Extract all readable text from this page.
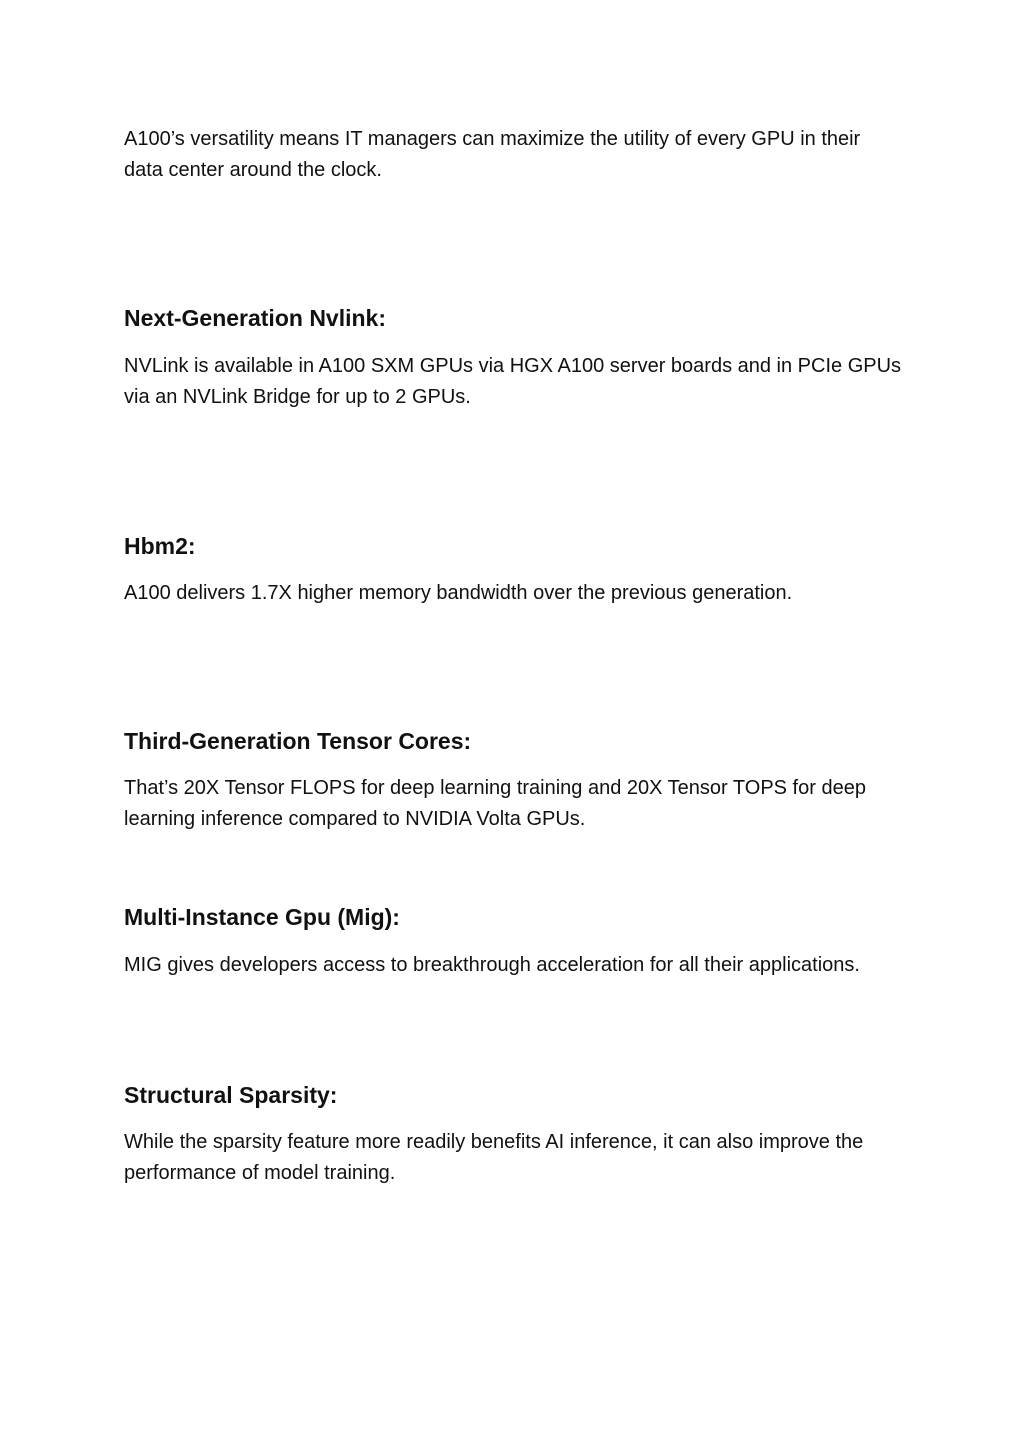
A100’s versatility means IT managers can maximize the utility of every GPU in their data center around the clock.

Next-Generation Nvlink:

NVLink is available in A100 SXM GPUs via HGX A100 server boards and in PCIe GPUs via an NVLink Bridge for up to 2 GPUs.

Hbm2:

A100 delivers 1.7X higher memory bandwidth over the previous generation.

Third-Generation Tensor Cores:

That’s 20X Tensor FLOPS for deep learning training and 20X Tensor TOPS for deep learning inference compared to NVIDIA Volta GPUs.

Multi-Instance Gpu (Mig):

MIG gives developers access to breakthrough acceleration for all their applications.

Structural Sparsity:

While the sparsity feature more readily benefits AI inference, it can also improve the performance of model training.
